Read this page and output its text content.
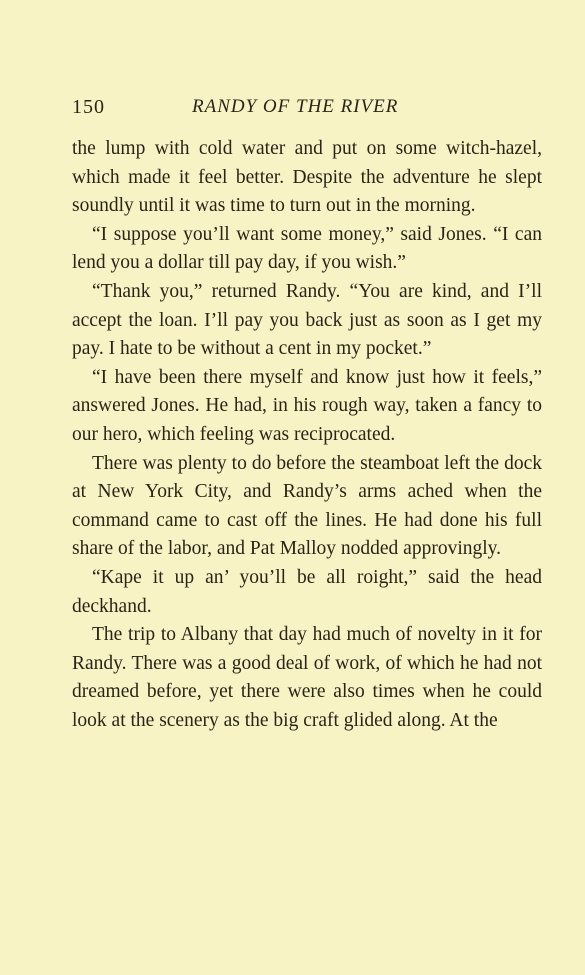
150	RANDY OF THE RIVER

the lump with cold water and put on some witch-hazel, which made it feel better. Despite the adventure he slept soundly until it was time to turn out in the morning.

“I suppose you’ll want some money,” said Jones. “I can lend you a dollar till pay day, if you wish.”

“Thank you,” returned Randy. “You are kind, and I’ll accept the loan. I’ll pay you back just as soon as I get my pay. I hate to be without a cent in my pocket.”

“I have been there myself and know just how it feels,” answered Jones. He had, in his rough way, taken a fancy to our hero, which feeling was reciprocated.

There was plenty to do before the steamboat left the dock at New York City, and Randy’s arms ached when the command came to cast off the lines. He had done his full share of the labor, and Pat Malloy nodded approvingly.

“Kape it up an’ you’ll be all roight,” said the head deckhand.

The trip to Albany that day had much of novelty in it for Randy. There was a good deal of work, of which he had not dreamed before, yet there were also times when he could look at the scenery as the big craft glided along. At the
